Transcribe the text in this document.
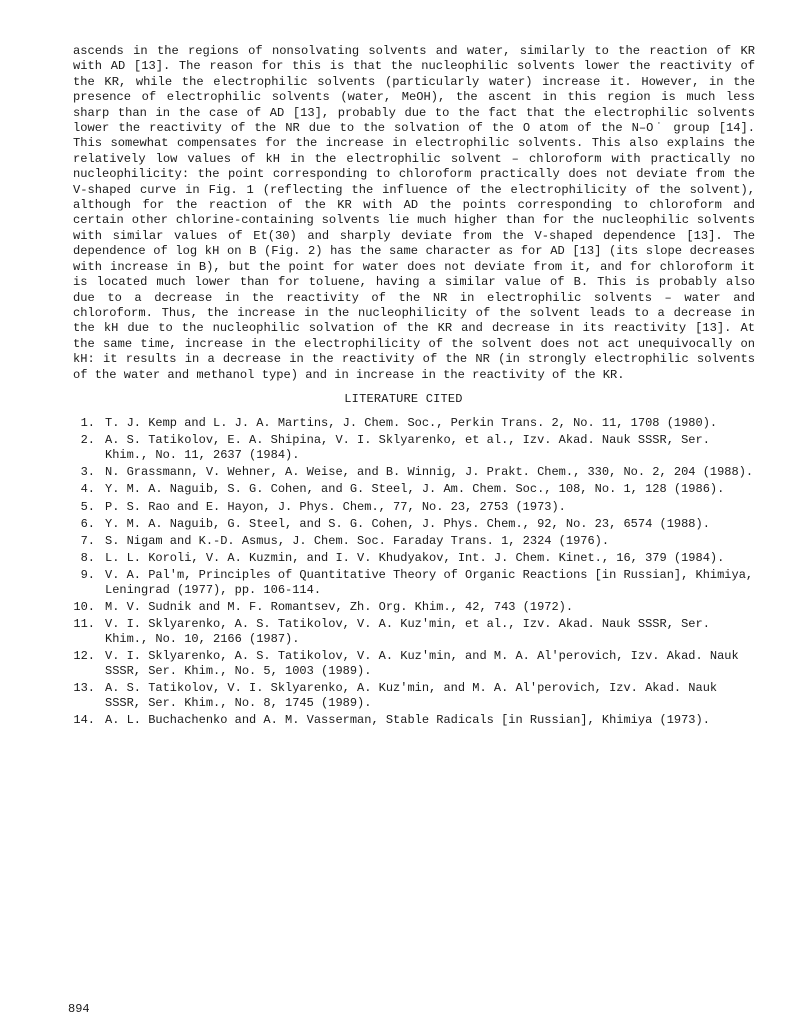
ascends in the regions of nonsolvating solvents and water, similarly to the reaction of KR with AD [13]. The reason for this is that the nucleophilic solvents lower the reactivity of the KR, while the electrophilic solvents (particularly water) increase it. However, in the presence of electrophilic solvents (water, MeOH), the ascent in this region is much less sharp than in the case of AD [13], probably due to the fact that the electrophilic solvents lower the reactivity of the NR due to the solvation of the O atom of the N–O˙ group [14]. This somewhat compensates for the increase in electrophilic solvents. This also explains the relatively low values of kH in the electrophilic solvent – chloroform with practically no nucleophilicity: the point corresponding to chloroform practically does not deviate from the V-shaped curve in Fig. 1 (reflecting the influence of the electrophilicity of the solvent), although for the reaction of the KR with AD the points corresponding to chloroform and certain other chlorine-containing solvents lie much higher than for the nucleophilic solvents with similar values of Et(30) and sharply deviate from the V-shaped dependence [13]. The dependence of log kH on B (Fig. 2) has the same character as for AD [13] (its slope decreases with increase in B), but the point for water does not deviate from it, and for chloroform it is located much lower than for toluene, having a similar value of B. This is probably also due to a decrease in the reactivity of the NR in electrophilic solvents – water and chloroform. Thus, the increase in the nucleophilicity of the solvent leads to a decrease in the kH due to the nucleophilic solvation of the KR and decrease in its reactivity [13]. At the same time, increase in the electrophilicity of the solvent does not act unequivocally on kH: it results in a decrease in the reactivity of the NR (in strongly electrophilic solvents of the water and methanol type) and in increase in the reactivity of the KR.

LITERATURE CITED

1. T. J. Kemp and L. J. A. Martins, J. Chem. Soc., Perkin Trans. 2, No. 11, 1708 (1980).
2. A. S. Tatikolov, E. A. Shipina, V. I. Sklyarenko, et al., Izv. Akad. Nauk SSSR, Ser. Khim., No. 11, 2637 (1984).
3. N. Grassmann, V. Wehner, A. Weise, and B. Winnig, J. Prakt. Chem., 330, No. 2, 204 (1988).
4. Y. M. A. Naguib, S. G. Cohen, and G. Steel, J. Am. Chem. Soc., 108, No. 1, 128 (1986).
5. P. S. Rao and E. Hayon, J. Phys. Chem., 77, No. 23, 2753 (1973).
6. Y. M. A. Naguib, G. Steel, and S. G. Cohen, J. Phys. Chem., 92, No. 23, 6574 (1988).
7. S. Nigam and K.-D. Asmus, J. Chem. Soc. Faraday Trans. 1, 2324 (1976).
8. L. L. Koroli, V. A. Kuzmin, and I. V. Khudyakov, Int. J. Chem. Kinet., 16, 379 (1984).
9. V. A. Pal'm, Principles of Quantitative Theory of Organic Reactions [in Russian], Khimiya, Leningrad (1977), pp. 106-114.
10. M. V. Sudnik and M. F. Romantsev, Zh. Org. Khim., 42, 743 (1972).
11. V. I. Sklyarenko, A. S. Tatikolov, V. A. Kuz'min, et al., Izv. Akad. Nauk SSSR, Ser. Khim., No. 10, 2166 (1987).
12. V. I. Sklyarenko, A. S. Tatikolov, V. A. Kuz'min, and M. A. Al'perovich, Izv. Akad. Nauk SSSR, Ser. Khim., No. 5, 1003 (1989).
13. A. S. Tatikolov, V. I. Sklyarenko, A. Kuz'min, and M. A. Al'perovich, Izv. Akad. Nauk SSSR, Ser. Khim., No. 8, 1745 (1989).
14. A. L. Buchachenko and A. M. Vasserman, Stable Radicals [in Russian], Khimiya (1973).

894
